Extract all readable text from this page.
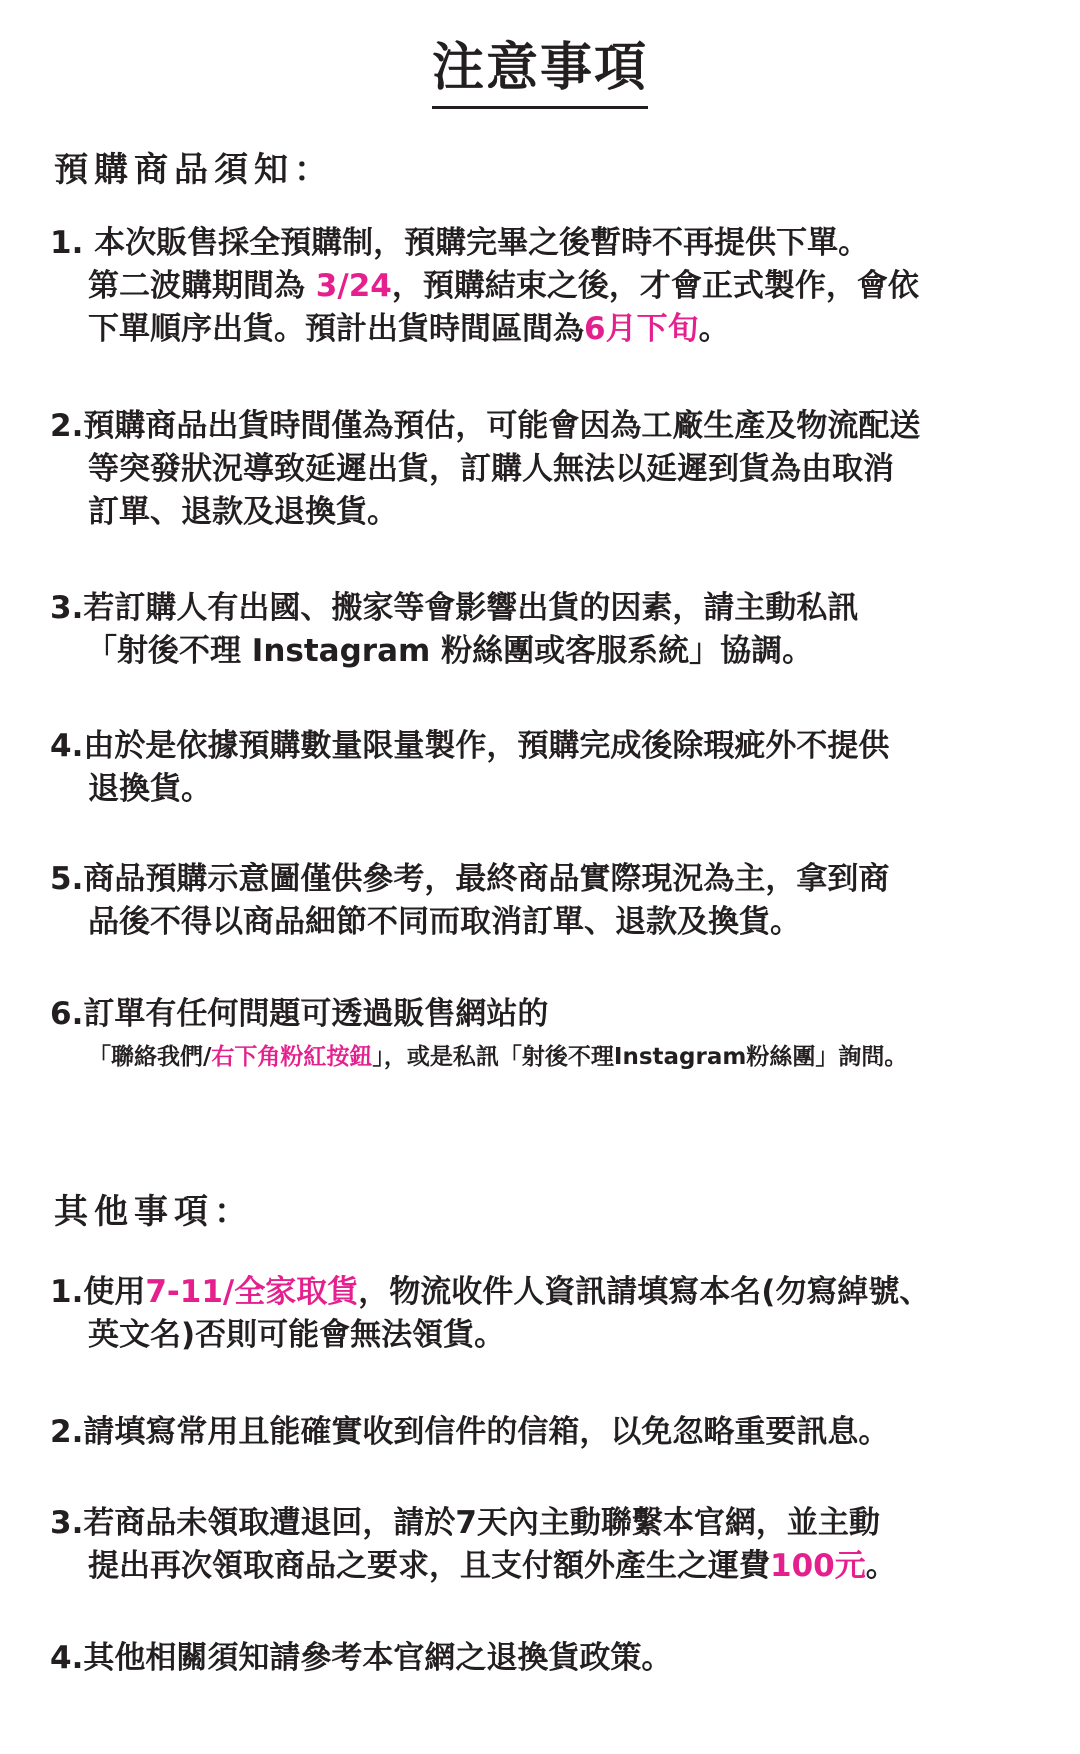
注意事項
預購商品須知：
1. 本次販售採全預購制，預購完畢之後暫時不再提供下單。
第二波購期間為 3/24，預購結束之後，才會正式製作，會依
下單順序出貨。預計出貨時間區間為6月下旬。
2.預購商品出貨時間僅為預估，可能會因為工廠生產及物流配送
等突發狀況導致延遲出貨，訂購人無法以延遲到貨為由取消
訂單、退款及退換貨。
3.若訂購人有出國、搬家等會影響出貨的因素，請主動私訊
「射後不理 Instagram 粉絲團或客服系統」協調。
4.由於是依據預購數量限量製作，預購完成後除瑕疵外不提供
退換貨。
5.商品預購示意圖僅供參考，最終商品實際現況為主，拿到商
品後不得以商品細節不同而取消訂單、退款及換貨。
6.訂單有任何問題可透過販售網站的
「聯絡我們/右下角粉紅按鈕」，或是私訊「射後不理Instagram粉絲團」詢問。
其他事項：
1.使用7-11/全家取貨，物流收件人資訊請填寫本名(勿寫綽號、
英文名)否則可能會無法領貨。
2.請填寫常用且能確實收到信件的信箱，以免忽略重要訊息。
3.若商品未領取遭退回，請於7天內主動聯繫本官網，並主動
提出再次領取商品之要求，且支付額外產生之運費100元。
4.其他相關須知請參考本官網之退換貨政策。
